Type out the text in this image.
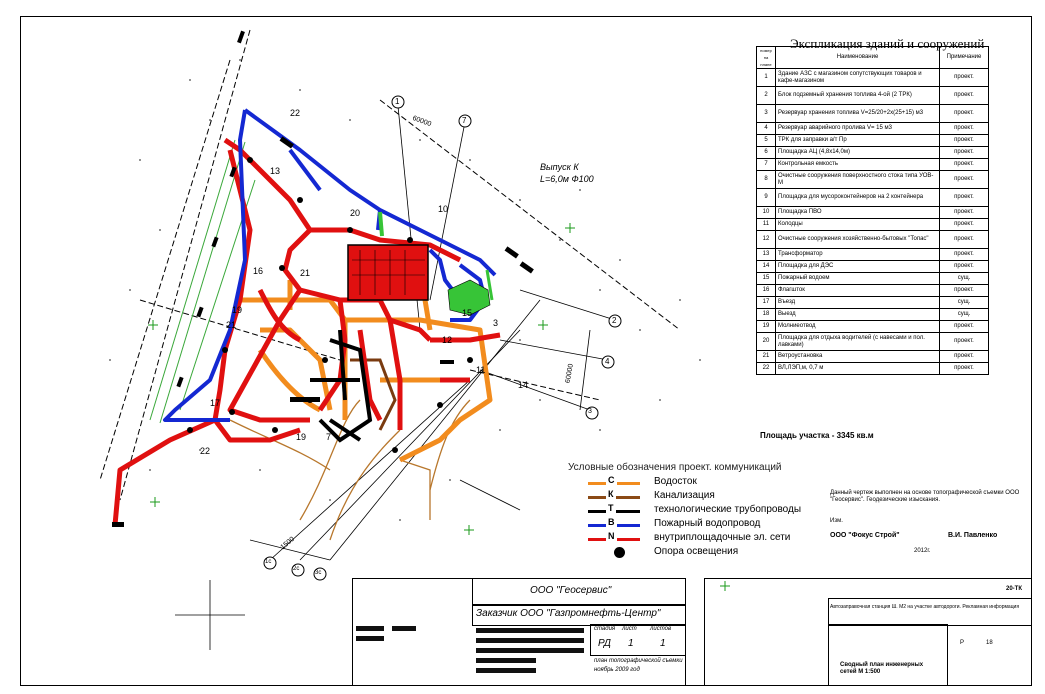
13
22
20	10
16	21
19
21
12
11
14
17
22
19 7
3
15
1
7
2
4
3
1с
2с
3с
60000
60000
1500
Выпуск К
L=6,0м Ф100
Экспликация зданий и сооружений
номер на плане	Наименование	Примечание
1	Здание АЗС с магазином сопутствующих товаров и кафе-магазином	проект.
2	Блок подземный хранения топлива 4-ой (2 ТРК)	проект.
3	Резервуар хранения топлива V=25/20+2x(25+15) м3	проект.
4	Резервуар аварийного пролива V= 15 м3	проект.
5	ТРК для заправки а/т Пр	проект.
6	Площадка АЦ (4,8х14,0м)	проект.
7	Контрольная емкость	проект.
8	Очистные сооружения поверхностного стока типа УОВ-М	проект.
9	Площадка для мусороконтейнеров на 2 контейнера	проект.
10	Площадка ПВО	проект.
11	Колодцы	проект.
12	Очистные сооружения хозяйственно-бытовых "Топас"	проект.
13	Трансформатор	проект.
14	Площадка для ДЭС	проект.
15	Пожарный водоем	сущ.
16	Флагшток	проект.
17	Въезд	сущ.
18	Выезд	сущ.
19	Молниеотвод	проект.
20	Площадка для отдыха водителей (с навесами и пол. лавками)	проект.
21	Ветроустановка	проект.
22	ВЛ,ЛЭП,м, 0,7 м	проект.
Площадь участка - 3345 кв.м
Условные обозначения проект. коммуникаций
С	Водосток
К	Канализация
Т	технологические трубопроводы
В	Пожарный водопровод
N	внутриплощадочные эл. сети
Опора освещения
Данный чертеж выполнен на основе топографической съемки ООО "Геосервис". Геодезические изыскания.
Изм.
ООО "Фокус Строй"	В.И. Павленко
2012г.
ООО "Геосервис"
Заказчик ООО "Газпромнефть-Центр"
стадия лист листов
РД 1	1
план топографической съемки
ноябрь 2009 год
20-ТК
Автозаправочная станция Ш. М2 на участке автодороги. Рекламная информация
Сводный план инженерных сетей М 1:500
Р	18
